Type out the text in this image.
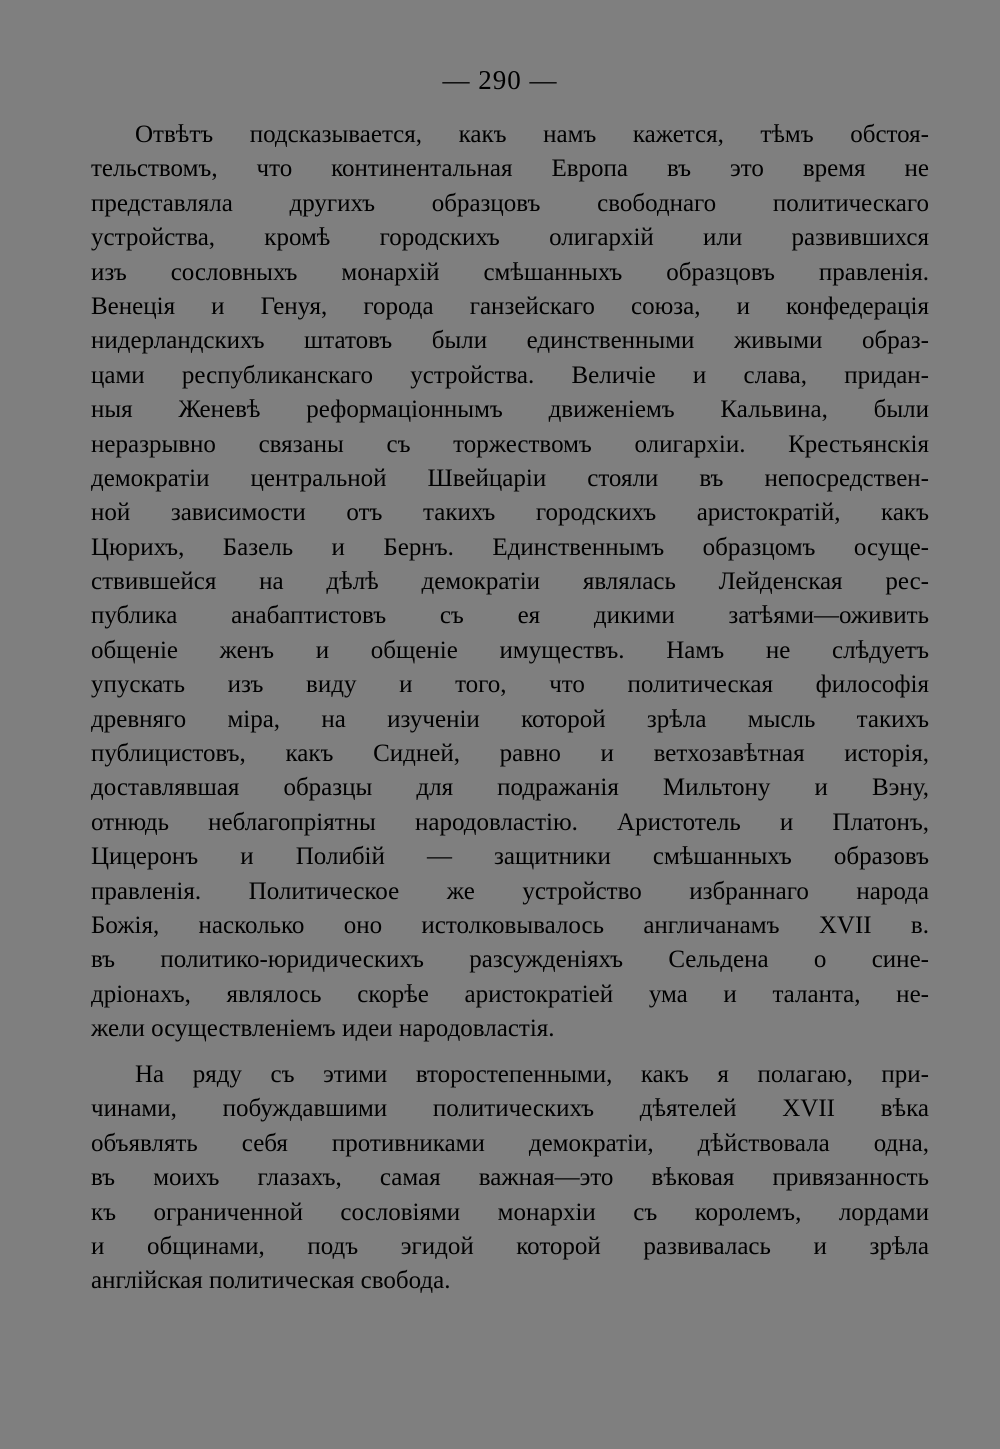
— 290 —
Отвѣтъ подсказывается, какъ намъ кажется, тѣмъ обстоя-
тельствомъ, что континентальная Европа въ это время не
представляла другихъ образцовъ свободнаго политическаго
устройства, кромѣ городскихъ олигархій или развившихся
изъ сословныхъ монархій смѣшанныхъ образцовъ правленія.
Венеція и Генуя, города ганзейскаго союза, и конфедерація
нидерландскихъ штатовъ были единственными живыми образ-
цами республиканскаго устройства. Величіе и слава, придан-
ныя Женевѣ реформаціоннымъ движеніемъ Кальвина, были
неразрывно связаны съ торжествомъ олигархіи. Крестьянскія
демократіи центральной Швейцаріи стояли въ непосредствен-
ной зависимости отъ такихъ городскихъ аристократій, какъ
Цюрихъ, Базель и Бернъ. Единственнымъ образцомъ осуще-
ствившейся на дѣлѣ демократіи являлась Лейденская рес-
публика анабаптистовъ съ ея дикими затѣями—оживить
общеніе женъ и общеніе имуществъ. Намъ не слѣдуетъ
упускать изъ виду и того, что политическая философія
древняго міра, на изученіи которой зрѣла мысль такихъ
публицистовъ, какъ Сидней, равно и ветхозавѣтная исторія,
доставлявшая образцы для подражанія Мильтону и Вэну,
отнюдь неблагопріятны народовластію. Аристотель и Платонъ,
Цицеронъ и Полибій — защитники смѣшанныхъ образовъ
правленія. Политическое же устройство избраннаго народа
Божія, насколько оно истолковывалось англичанамъ XVII в.
въ политико-юридическихъ разсужденіяхъ Сельдена о сине-
дріонахъ, являлось скорѣе аристократіей ума и таланта, не-
жели осуществленіемъ идеи народовластія.
На ряду съ этими второстепенными, какъ я полагаю, при-
чинами, побуждавшими политическихъ дѣятелей XVII вѣка
объявлять себя противниками демократіи, дѣйствовала одна,
въ моихъ глазахъ, самая важная—это вѣковая привязанность
къ ограниченной сословіями монархіи съ королемъ, лордами
и общинами, подъ эгидой которой развивалась и зрѣла
англійская политическая свобода.
